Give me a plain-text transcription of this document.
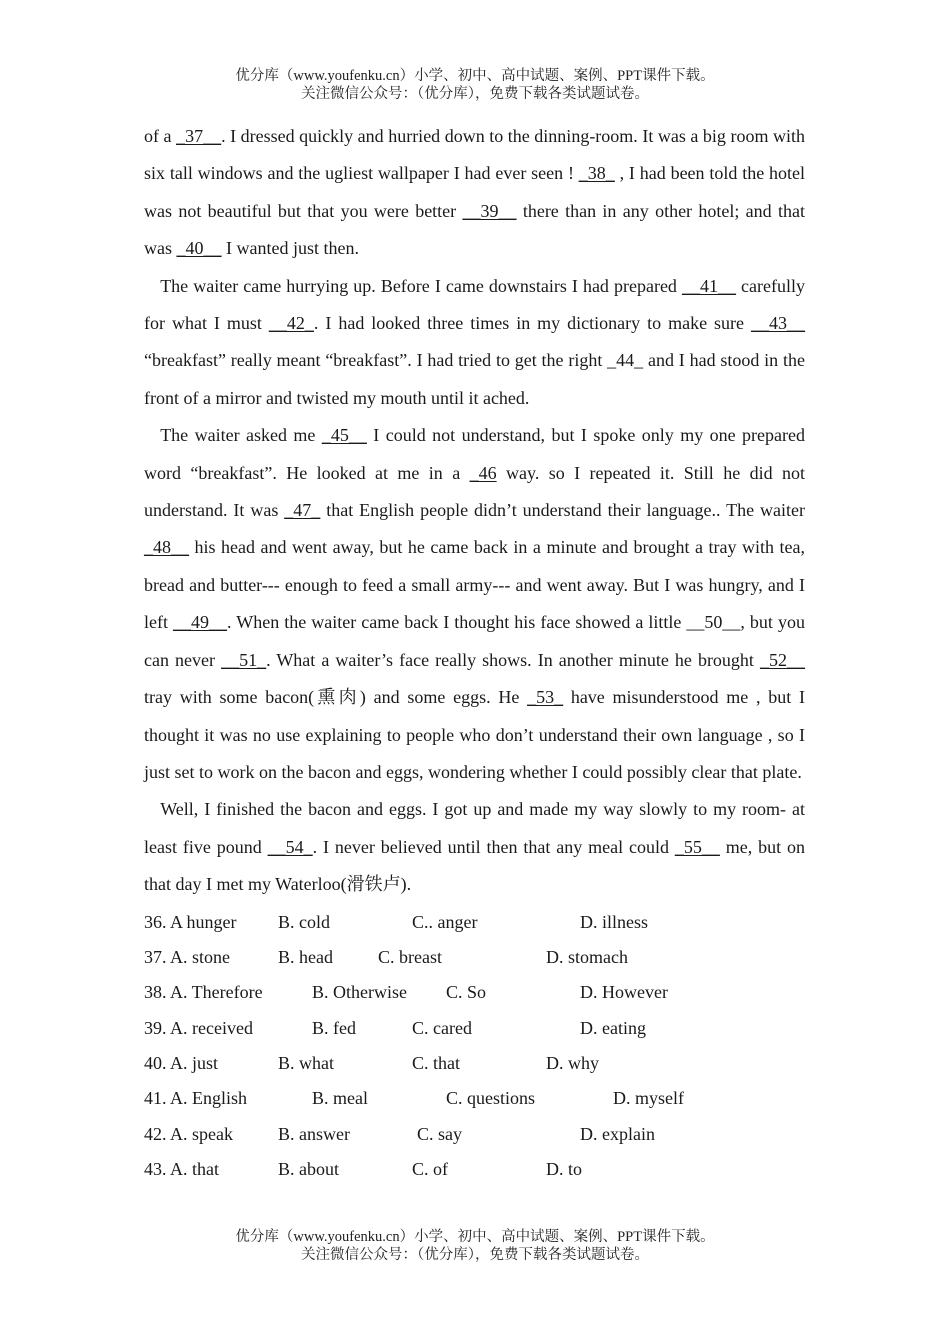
优分库（www.youfenku.cn）小学、初中、高中试题、案例、PPT课件下载。
关注微信公众号：（优分库），免费下载各类试题试卷。

of a _37__. I dressed quickly and hurried down to the dinning-room. It was a big room with six tall windows and the ugliest wallpaper I had ever seen ! _38_ , I had been told the hotel was not beautiful but that you were better __39__ there than in any other hotel; and that was _40__ I wanted just then.

The waiter came hurrying up. Before I came downstairs I had prepared __41__ carefully for what I must __42_. I had looked three times in my dictionary to make sure __43__ “breakfast” really meant “breakfast”. I had tried to get the right _44_ and I had stood in the front of a mirror and twisted my mouth until it ached.

The waiter asked me _45__ I could not understand, but I spoke only my one prepared word “breakfast”. He looked at me in a _46 way. so I repeated it. Still he did not understand. It was _47_ that English people didn’t understand their language.. The waiter _48__ his head and went away, but he came back in a minute and brought a tray with tea, bread and butter--- enough to feed a small army--- and went away. But I was hungry, and I left __49__. When the waiter came back I thought his face showed a little __50__, but you can never __51_. What a waiter’s face really shows. In another minute he brought _52__ tray with some bacon(熏肉) and some eggs. He _53_ have misunderstood me , but I thought it was no use explaining to people who don’t understand their own language , so I just set to work on the bacon and eggs, wondering whether I could possibly clear that plate.

Well, I finished the bacon and eggs. I got up and made my way slowly to my room- at least five pound __54_. I never believed until then that any meal could _55__ me, but on that day I met my Waterloo(滑铁卢).

36. A hunger B. cold	C.. anger	D. illness
37. A. stone	B. head	C. breast	D. stomach
38. A. Therefore	B. Otherwise C. So	D. However
39. A. received	B. fed	C. cared	D. eating
40. A. just	B. what	C. that	D. why
41. A. English	B. meal	C. questions	D. myself
42. A. speak	B. answer	C. say	D. explain
43. A. that	B. about	C. of	D. to
优分库（www.youfenku.cn）小学、初中、高中试题、案例、PPT课件下载。
关注微信公众号：（优分库），免费下载各类试题试卷。
